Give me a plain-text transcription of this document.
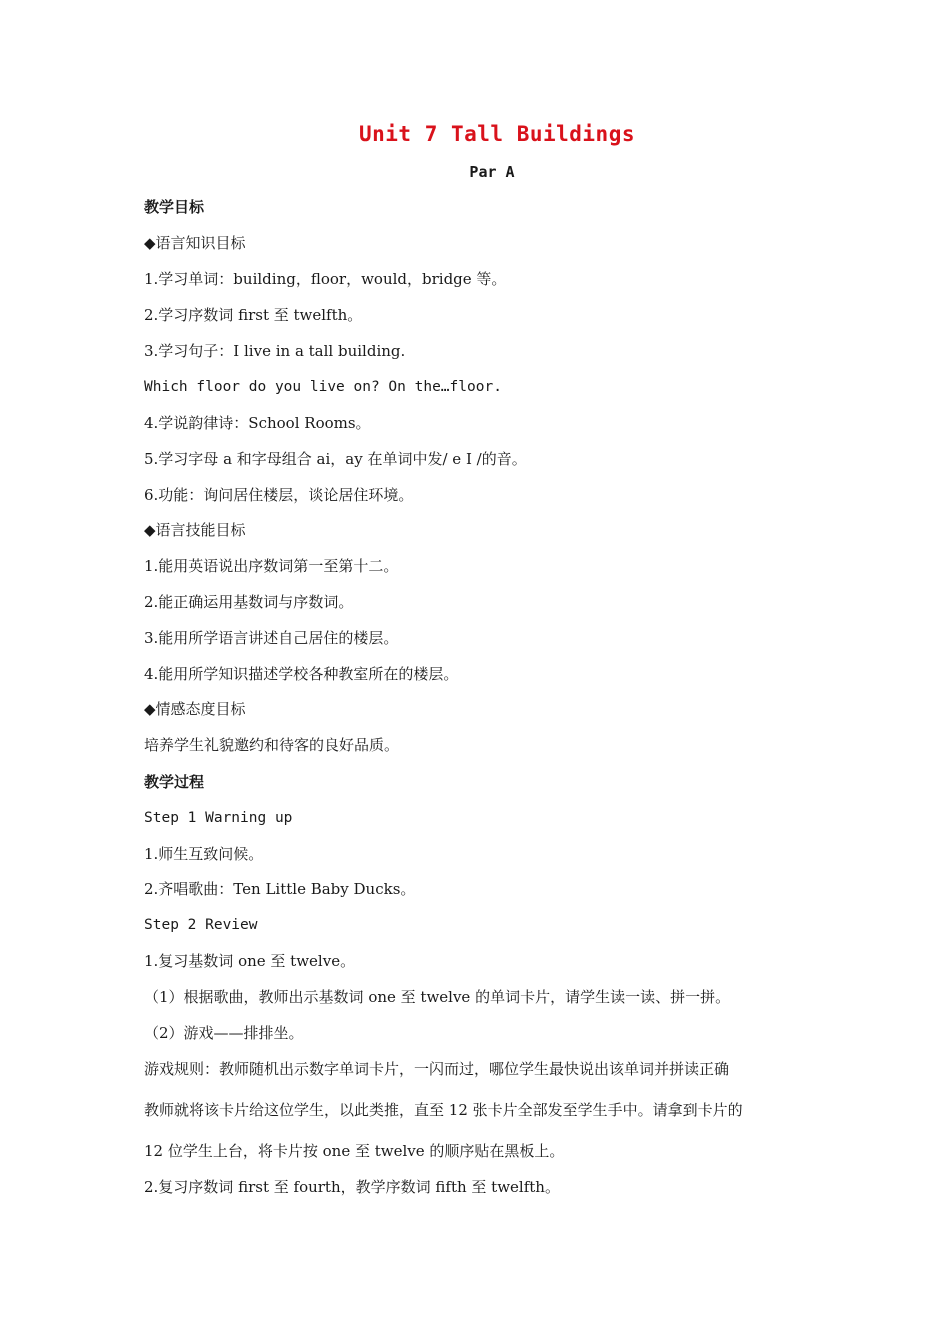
Unit 7 Tall Buildings
Par A
教学目标
◆语言知识目标
1.学习单词：building，floor，would，bridge 等。
2.学习序数词 first 至 twelfth。
3.学习句子：I live in a tall building.
Which floor do you live on? On the…floor.
4.学说韵律诗：School Rooms。
5.学习字母 a 和字母组合 ai，ay 在单词中发/ e I /的音。
6.功能：询问居住楼层，谈论居住环境。
◆语言技能目标
1.能用英语说出序数词第一至第十二。
2.能正确运用基数词与序数词。
3.能用所学语言讲述自己居住的楼层。
4.能用所学知识描述学校各种教室所在的楼层。
◆情感态度目标
培养学生礼貌邀约和待客的良好品质。
教学过程
Step 1 Warning up
1.师生互致问候。
2.齐唱歌曲：Ten Little Baby Ducks。
Step 2 Review
1.复习基数词 one 至 twelve。
（1）根据歌曲，教师出示基数词 one 至 twelve 的单词卡片，请学生读一读、拼一拼。
（2）游戏——排排坐。
游戏规则：教师随机出示数字单词卡片，一闪而过，哪位学生最快说出该单词并拼读正确
教师就将该卡片给这位学生，以此类推，直至 12 张卡片全部发至学生手中。请拿到卡片的
12 位学生上台，将卡片按 one 至 twelve 的顺序贴在黑板上。
2.复习序数词 first 至 fourth，教学序数词 fifth 至 twelfth。
